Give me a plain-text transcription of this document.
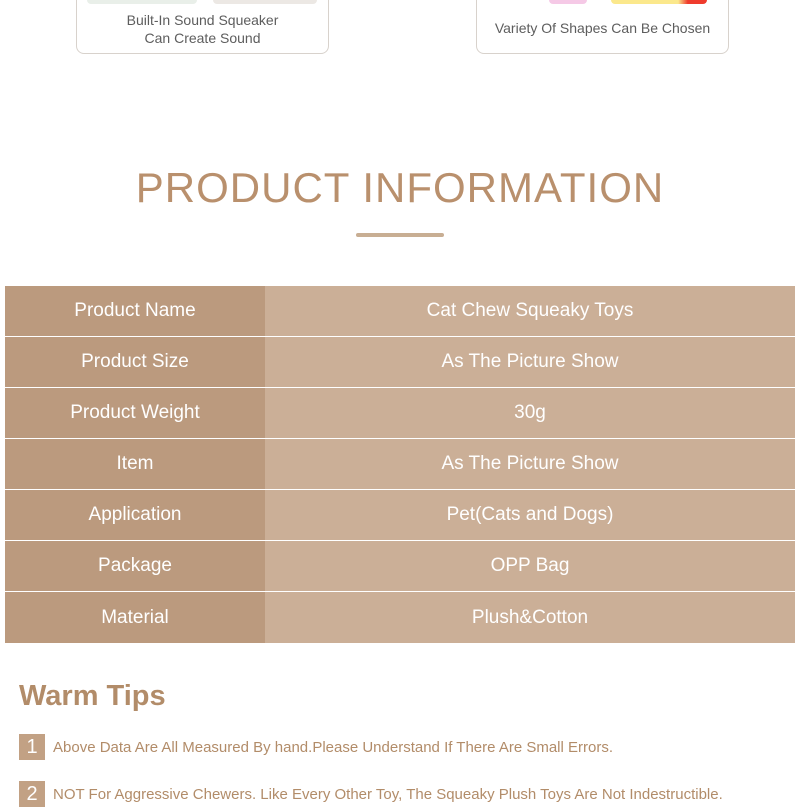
Built-In Sound Squeaker
Can Create Sound
Variety Of Shapes Can Be Chosen
PRODUCT INFORMATION
Product Name	Cat Chew Squeaky Toys
Product Size	As The Picture Show
Product Weight	30g
Item	As The Picture Show
Application	Pet(Cats and Dogs)
Package	OPP Bag
Material	Plush&Cotton
Warm Tips
1	Above Data Are All Measured By hand.Please Understand If There Are Small Errors.
2	NOT For Aggressive Chewers. Like Every Other Toy, The Squeaky Plush Toys Are Not Indestructible.
